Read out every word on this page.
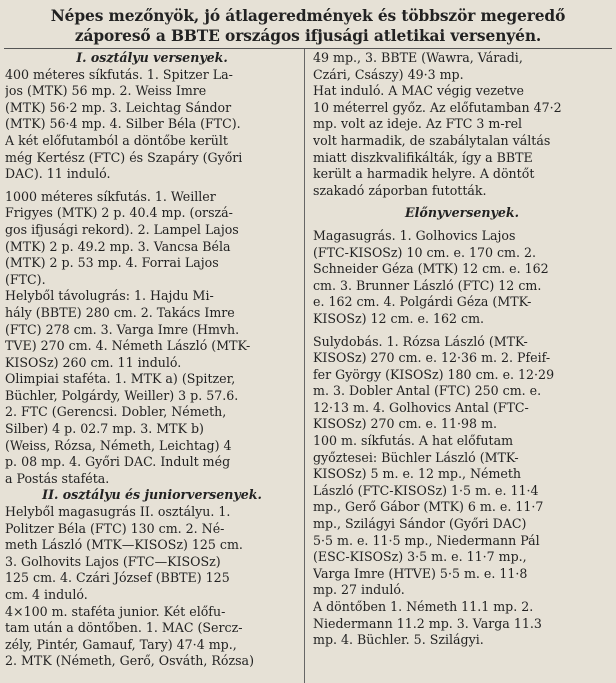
Népes mezőnyök, jó átlageredmények és többször megeredő
záporeső a BBTE országos ifjusági atletikai versenyén.
I. osztályu versenyek.
400 méteres síkfutás. 1. Spitzer La-
jos (MTK) 56 mp. 2. Weiss Imre
(MTK) 56·2 mp. 3. Leichtag Sándor
(MTK) 56·4 mp. 4. Silber Béla (FTC).
A két előfutamból a döntőbe került
még Kertész (FTC) és Szapáry (Győri
DAC). 11 induló.
1000 méteres síkfutás. 1. Weiller
Frigyes (MTK) 2 p. 40.4 mp. (orszá-
gos ifjusági rekord). 2. Lampel Lajos
(MTK) 2 p. 49.2 mp. 3. Vancsa Béla
(MTK) 2 p. 53 mp. 4. Forrai Lajos
(FTC).
Helyből távolugrás: 1. Hajdu Mi-
hály (BBTE) 280 cm. 2. Takács Imre
(FTC) 278 cm. 3. Varga Imre (Hmvh.
TVE) 270 cm. 4. Németh László (MTK-
KISOSz) 260 cm. 11 induló.
Olimpiai staféta. 1. MTK a) (Spitzer,
Büchler, Polgárdy, Weiller) 3 p. 57.6.
2. FTC (Gerencsi. Dobler, Németh,
Silber) 4 p. 02.7 mp. 3. MTK b)
(Weiss, Rózsa, Németh, Leichtag) 4
p. 08 mp. 4. Győri DAC. Indult még
a Postás staféta.
II. osztályu és juniorversenyek.
Helyből magasugrás II. osztályu. 1.
Politzer Béla (FTC) 130 cm. 2. Né-
meth László (MTK—KISOSz) 125 cm.
3. Golhovits Lajos (FTC—KISOSz)
125 cm. 4. Czári József (BBTE) 125
cm. 4 induló.
4×100 m. staféta junior. Két előfu-
tam után a döntőben. 1. MAC (Sercz-
zély, Pintér, Gamauf, Tary) 47·4 mp.,
2. MTK (Németh, Gerő, Osváth, Rózsa)
49 mp., 3. BBTE (Wawra, Váradi,
Czári, Császy) 49·3 mp.
Hat induló. A MAC végig vezetve
10 méterrel győz. Az előfutamban 47·2
mp. volt az ideje. Az FTC 3 m-rel
volt harmadik, de szabálytalan váltás
miatt diszkvalifikálták, így a BBTE
került a harmadik helyre. A döntőt
szakadó záporban futották.
Előnyversenyek.
Magasugrás. 1. Golhovics Lajos
(FTC-KISOSz) 10 cm. e. 170 cm. 2.
Schneider Géza (MTK) 12 cm. e. 162
cm. 3. Brunner László (FTC) 12 cm.
e. 162 cm. 4. Polgárdi Géza (MTK-
KISOSz) 12 cm. e. 162 cm.
Sulydobás. 1. Rózsa László (MTK-
KISOSz) 270 cm. e. 12·36 m. 2. Pfeif-
fer György (KISOSz) 180 cm. e. 12·29
m. 3. Dobler Antal (FTC) 250 cm. e.
12·13 m. 4. Golhovics Antal (FTC-
KISOSz) 270 cm. e. 11·98 m.
100 m. síkfutás. A hat előfutam
győztesei: Büchler László (MTK-
KISOSz) 5 m. e. 12 mp., Németh
László (FTC-KISOSz) 1·5 m. e. 11·4
mp., Gerő Gábor (MTK) 6 m. e. 11·7
mp., Szilágyi Sándor (Győri DAC)
5·5 m. e. 11·5 mp., Niedermann Pál
(ESC-KISOSz) 3·5 m. e. 11·7 mp.,
Varga Imre (HTVE) 5·5 m. e. 11·8
mp. 27 induló.
A döntőben 1. Németh 11.1 mp. 2.
Niedermann 11.2 mp. 3. Varga 11.3
mp. 4. Büchler. 5. Szilágyi.
